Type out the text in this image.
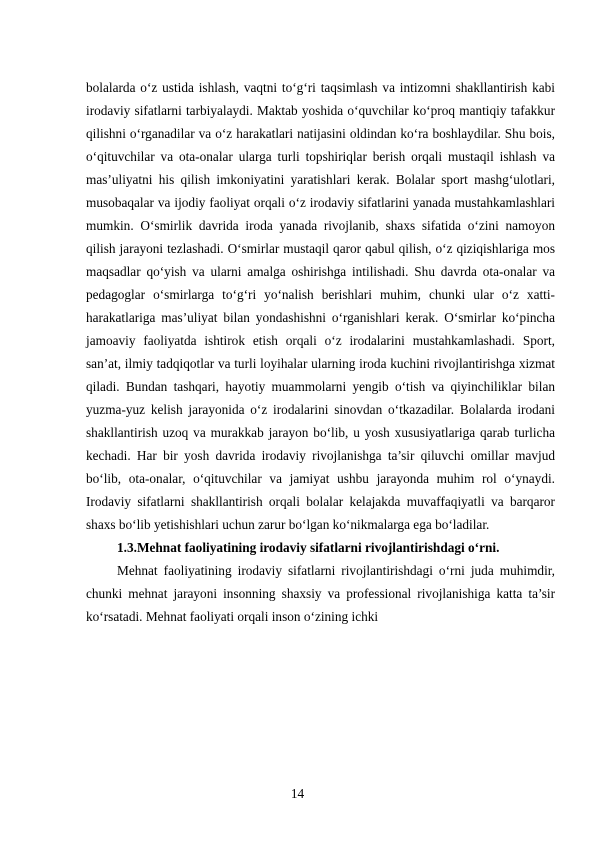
bolalarda o‘z ustida ishlash, vaqtni to‘g‘ri taqsimlash va intizomni shakllantirish kabi irodaviy sifatlarni tarbiyalaydi. Maktab yoshida o‘quvchilar ko‘proq mantiqiy tafakkur qilishni o‘rganadilar va o‘z harakatlari natijasini oldindan ko‘ra boshlaydilar. Shu bois, o‘qituvchilar va ota-onalar ularga turli topshiriqlar berish orqali mustaqil ishlash va mas’uliyatni his qilish imkoniyatini yaratishlari kerak. Bolalar sport mashg‘ulotlari, musobaqalar va ijodiy faoliyat orqali o‘z irodaviy sifatlarini yanada mustahkamlashlari mumkin. O‘smirlik davrida iroda yanada rivojlanib, shaxs sifatida o‘zini namoyon qilish jarayoni tezlashadi. O‘smirlar mustaqil qaror qabul qilish, o‘z qiziqishlariga mos maqsadlar qo‘yish va ularni amalga oshirishga intilishadi. Shu davrda ota-onalar va pedagoglar o‘smirlarga to‘g‘ri yo‘nalish berishlari muhim, chunki ular o‘z xatti-harakatlariga mas’uliyat bilan yondashishni o‘rganishlari kerak. O‘smirlar ko‘pincha jamoaviy faoliyatda ishtirok etish orqali o‘z irodalarini mustahkamlashadi. Sport, san’at, ilmiy tadqiqotlar va turli loyihalar ularning iroda kuchini rivojlantirishga xizmat qiladi. Bundan tashqari, hayotiy muammolarni yengib o‘tish va qiyinchiliklar bilan yuzma-yuz kelish jarayonida o‘z irodalarini sinovdan o‘tkazadilar. Bolalarda irodani shakllantirish uzoq va murakkab jarayon bo‘lib, u yosh xususiyatlariga qarab turlicha kechadi. Har bir yosh davrida irodaviy rivojlanishga ta’sir qiluvchi omillar mavjud bo‘lib, ota-onalar, o‘qituvchilar va jamiyat ushbu jarayonda muhim rol o‘ynaydi. Irodaviy sifatlarni shakllantirish orqali bolalar kelajakda muvaffaqiyatli va barqaror shaxs bo‘lib yetishishlari uchun zarur bo‘lgan ko‘nikmalarga ega bo‘ladilar.

1.3.Mehnat faoliyatining irodaviy sifatlarni rivojlantirishdagi o‘rni.

Mehnat faoliyatining irodaviy sifatlarni rivojlantirishdagi o‘rni juda muhimdir, chunki mehnat jarayoni insonning shaxsiy va professional rivojlanishiga katta ta’sir ko‘rsatadi. Mehnat faoliyati orqali inson o‘zining ichki

14
